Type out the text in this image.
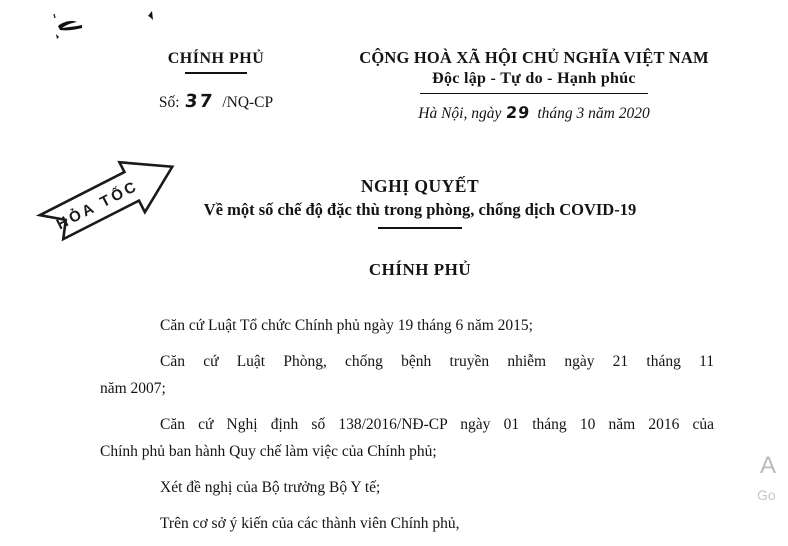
CHÍNH PHỦ
Số: 37 /NQ-CP
CỘNG HOÀ XÃ HỘI CHỦ NGHĨA VIỆT NAM
Độc lập - Tự do - Hạnh phúc
Hà Nội, ngày 29 tháng 3 năm 2020
HỎA TỐC	NGHỊ QUYẾT
Về một số chế độ đặc thù trong phòng, chống dịch COVID-19
CHÍNH PHỦ
Căn cứ Luật Tổ chức Chính phủ ngày 19 tháng 6 năm 2015;
Căn cứ Luật Phòng, chống bệnh truyền nhiễm ngày 21 tháng 11
năm 2007;
Căn cứ Nghị định số 138/2016/NĐ-CP ngày 01 tháng 10 năm 2016 của
Chính phủ ban hành Quy chế làm việc của Chính phủ;
Xét đề nghị của Bộ trưởng Bộ Y tế;
Trên cơ sở ý kiến của các thành viên Chính phủ,
A
Go
